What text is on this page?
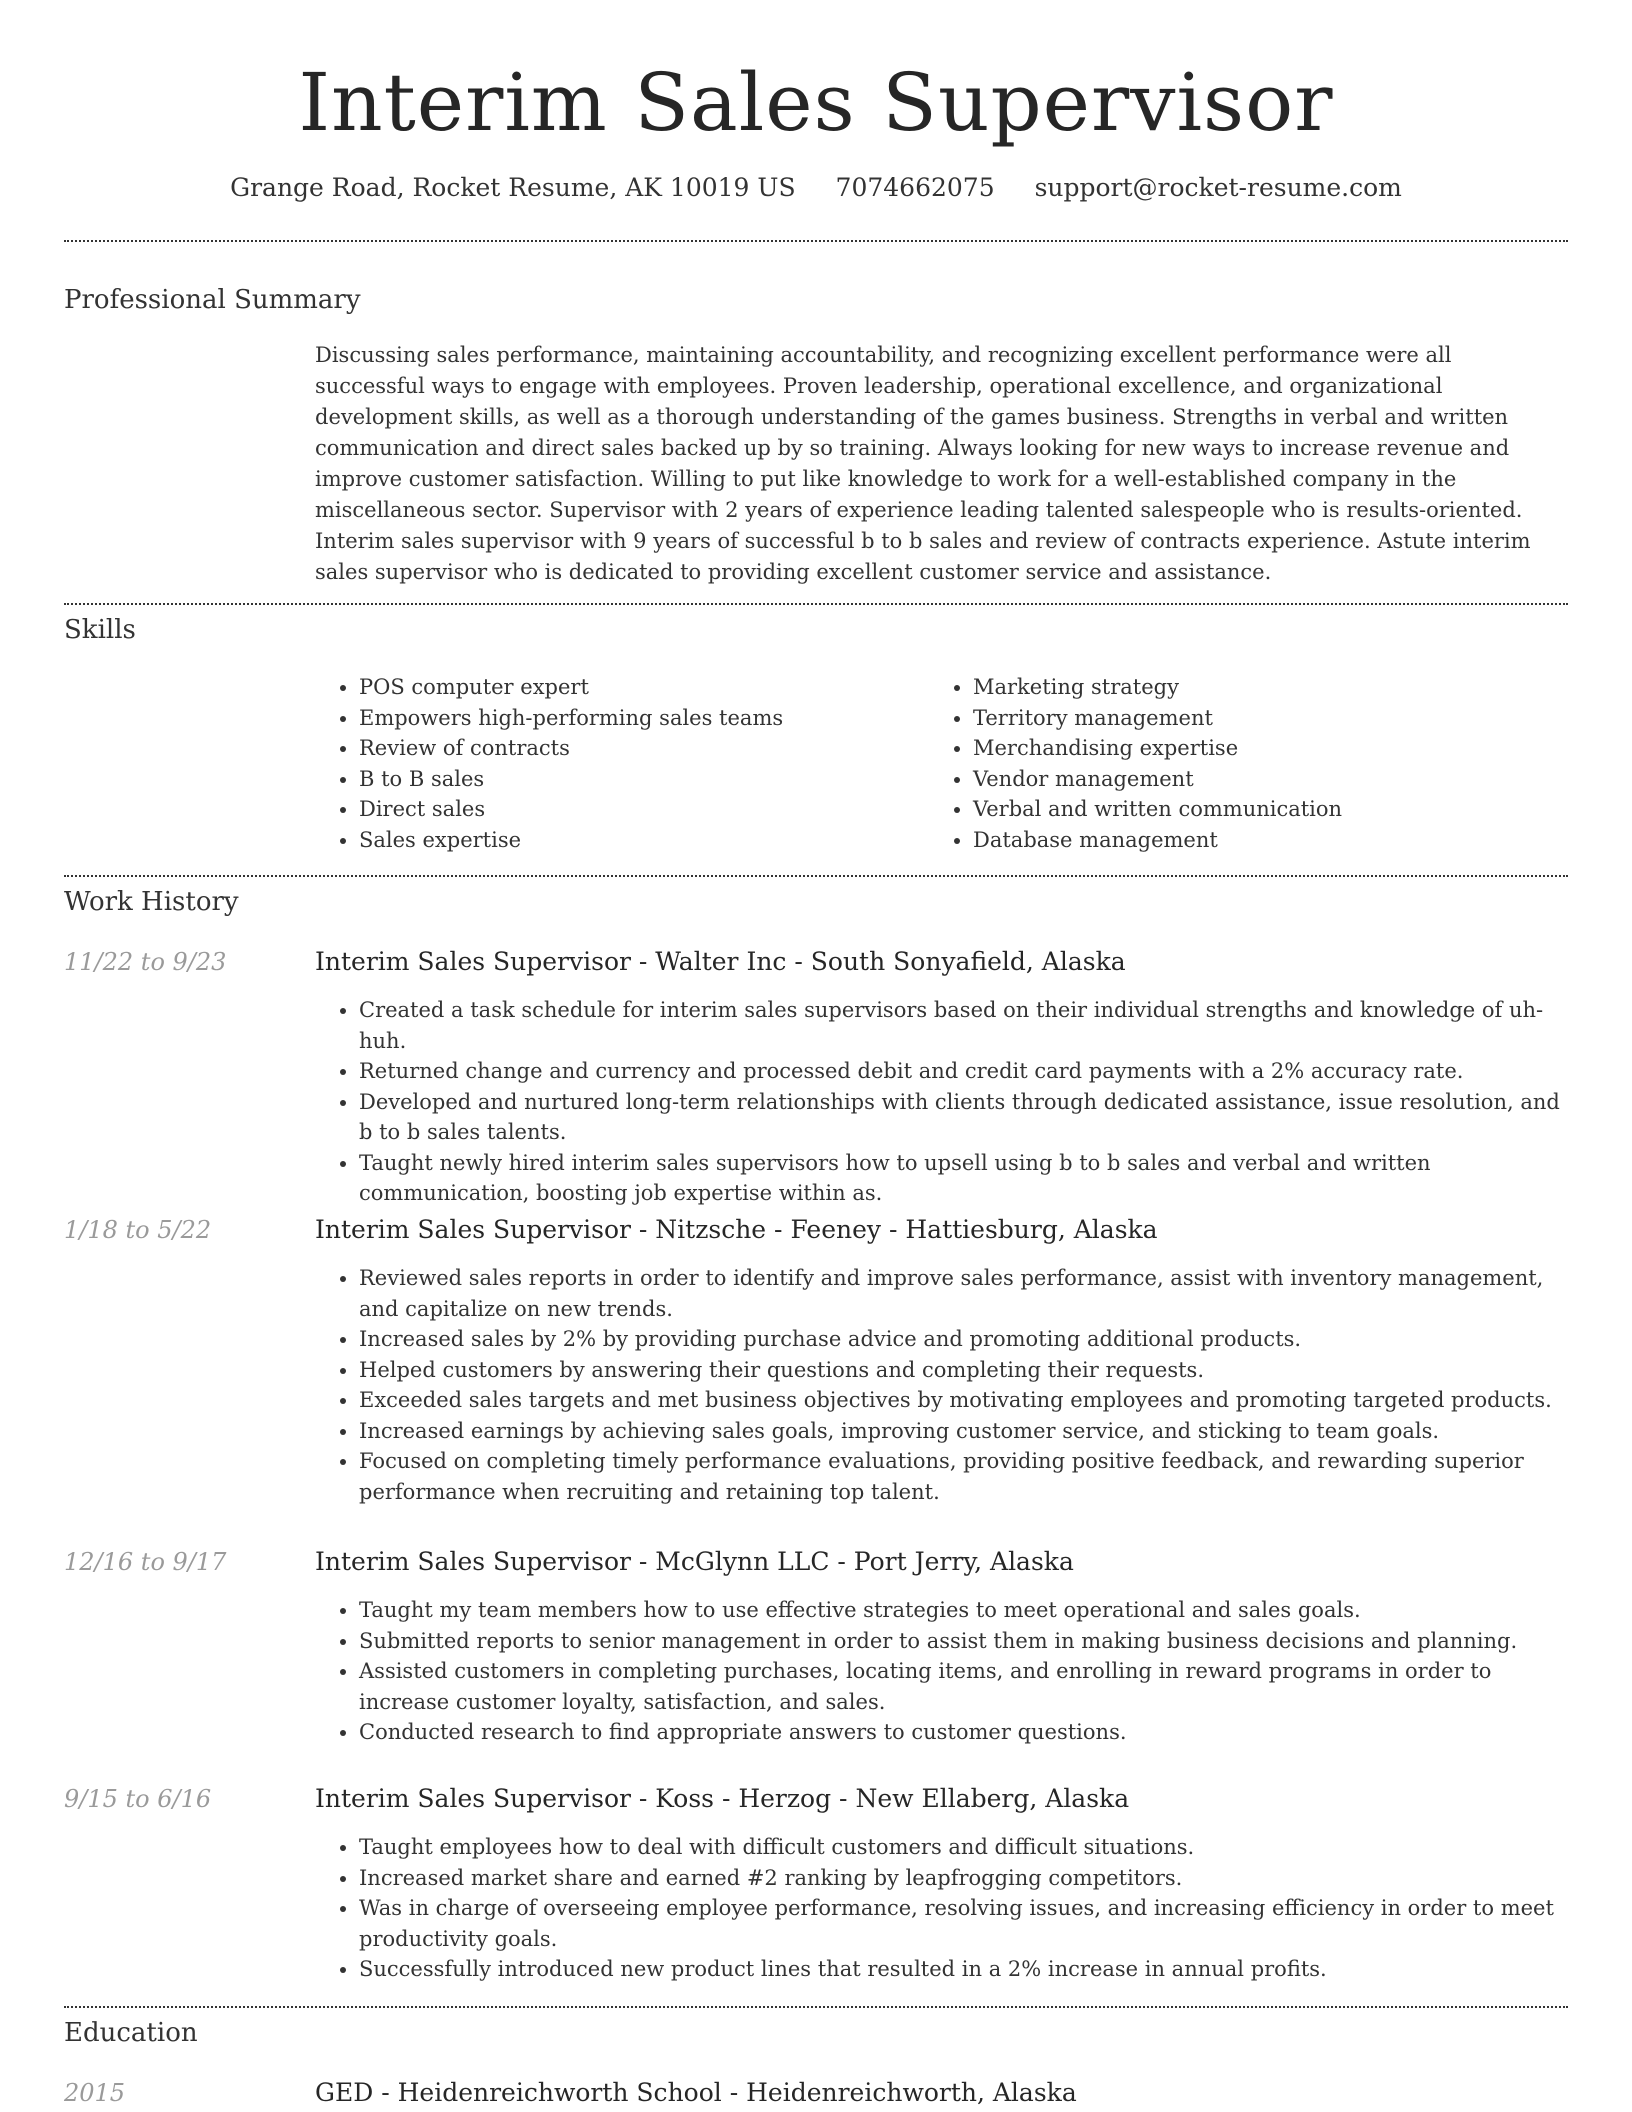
Interim Sales Supervisor
Grange Road, Rocket Resume, AK 10019 US 7074662075 support@rocket-resume.com
Professional Summary

Discussing sales performance, maintaining accountability, and recognizing excellent performance were all successful ways to engage with employees. Proven leadership, operational excellence, and organizational development skills, as well as a thorough understanding of the games business. Strengths in verbal and written communication and direct sales backed up by so training. Always looking for new ways to increase revenue and improve customer satisfaction. Willing to put like knowledge to work for a well-established company in the miscellaneous sector. Supervisor with 2 years of experience leading talented salespeople who is results-oriented. Interim sales supervisor with 9 years of successful b to b sales and review of contracts experience. Astute interim sales supervisor who is dedicated to providing excellent customer service and assistance.

Skills
• POS computer expert
• Empowers high-performing sales teams
• Review of contracts
• B to B sales
• Direct sales
• Sales expertise
• Marketing strategy
• Territory management
• Merchandising expertise
• Vendor management
• Verbal and written communication
• Database management
Work History
11/22 to 9/23	Interim Sales Supervisor - Walter Inc - South Sonyafield, Alaska
• Created a task schedule for interim sales supervisors based on their individual strengths and knowledge of uh-huh.
• Returned change and currency and processed debit and credit card payments with a 2% accuracy rate.
• Developed and nurtured long-term relationships with clients through dedicated assistance, issue resolution, and b to b sales talents.
• Taught newly hired interim sales supervisors how to upsell using b to b sales and verbal and written communication, boosting job expertise within as.
1/18 to 5/22	Interim Sales Supervisor - Nitzsche - Feeney - Hattiesburg, Alaska
• Reviewed sales reports in order to identify and improve sales performance, assist with inventory management, and capitalize on new trends.
• Increased sales by 2% by providing purchase advice and promoting additional products.
• Helped customers by answering their questions and completing their requests.
• Exceeded sales targets and met business objectives by motivating employees and promoting targeted products.
• Increased earnings by achieving sales goals, improving customer service, and sticking to team goals.
• Focused on completing timely performance evaluations, providing positive feedback, and rewarding superior performance when recruiting and retaining top talent.
12/16 to 9/17	Interim Sales Supervisor - McGlynn LLC - Port Jerry, Alaska
• Taught my team members how to use effective strategies to meet operational and sales goals.
• Submitted reports to senior management in order to assist them in making business decisions and planning.
• Assisted customers in completing purchases, locating items, and enrolling in reward programs in order to increase customer loyalty, satisfaction, and sales.
• Conducted research to find appropriate answers to customer questions.
9/15 to 6/16	Interim Sales Supervisor - Koss - Herzog - New Ellaberg, Alaska
• Taught employees how to deal with difficult customers and difficult situations.
• Increased market share and earned #2 ranking by leapfrogging competitors.
• Was in charge of overseeing employee performance, resolving issues, and increasing efficiency in order to meet productivity goals.
• Successfully introduced new product lines that resulted in a 2% increase in annual profits.
Education
2015	GED - Heidenreichworth School - Heidenreichworth, Alaska
